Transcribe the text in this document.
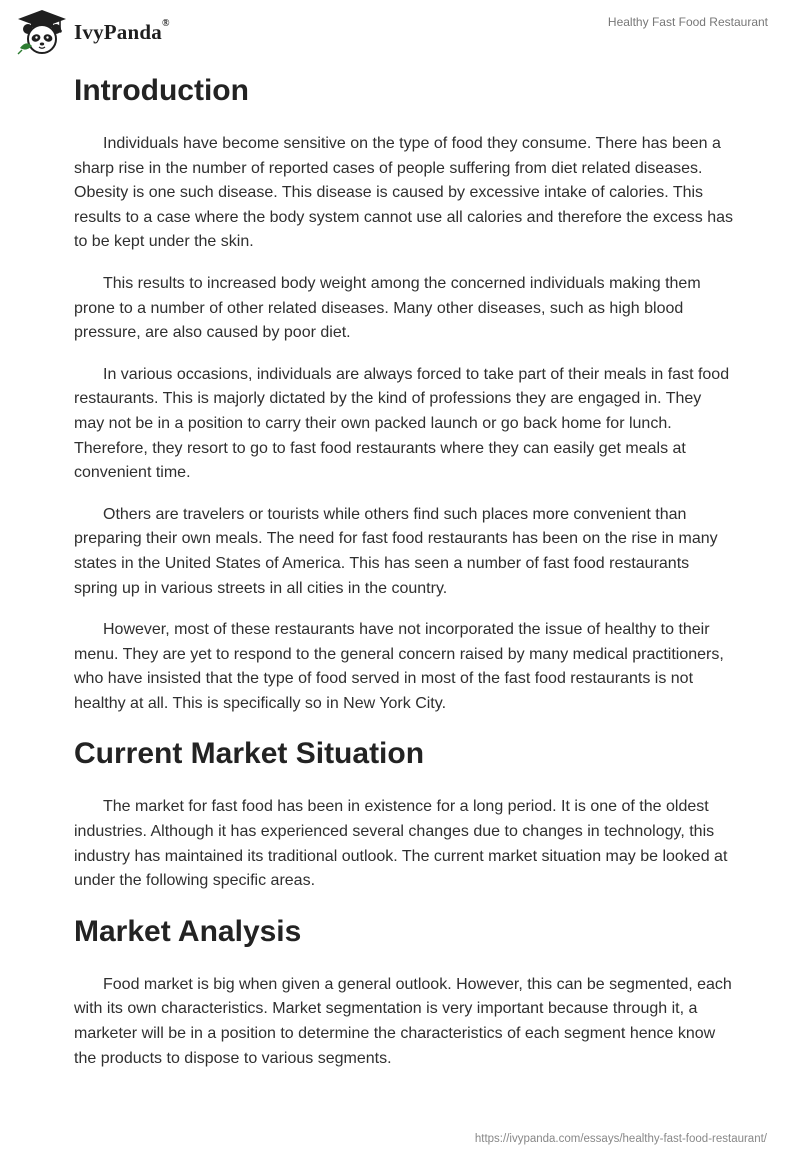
IvyPanda®	Healthy Fast Food Restaurant
Introduction

Individuals have become sensitive on the type of food they consume. There has been a sharp rise in the number of reported cases of people suffering from diet related diseases. Obesity is one such disease. This disease is caused by excessive intake of calories. This results to a case where the body system cannot use all calories and therefore the excess has to be kept under the skin.

This results to increased body weight among the concerned individuals making them prone to a number of other related diseases. Many other diseases, such as high blood pressure, are also caused by poor diet.

In various occasions, individuals are always forced to take part of their meals in fast food restaurants. This is majorly dictated by the kind of professions they are engaged in. They may not be in a position to carry their own packed launch or go back home for lunch. Therefore, they resort to go to fast food restaurants where they can easily get meals at convenient time.

Others are travelers or tourists while others find such places more convenient than preparing their own meals. The need for fast food restaurants has been on the rise in many states in the United States of America. This has seen a number of fast food restaurants spring up in various streets in all cities in the country.

However, most of these restaurants have not incorporated the issue of healthy to their menu. They are yet to respond to the general concern raised by many medical practitioners, who have insisted that the type of food served in most of the fast food restaurants is not healthy at all. This is specifically so in New York City.

Current Market Situation

The market for fast food has been in existence for a long period. It is one of the oldest industries. Although it has experienced several changes due to changes in technology, this industry has maintained its traditional outlook. The current market situation may be looked at under the following specific areas.

Market Analysis

Food market is big when given a general outlook. However, this can be segmented, each with its own characteristics. Market segmentation is very important because through it, a marketer will be in a position to determine the characteristics of each segment hence know the products to dispose to various segments.

https://ivypanda.com/essays/healthy-fast-food-restaurant/
